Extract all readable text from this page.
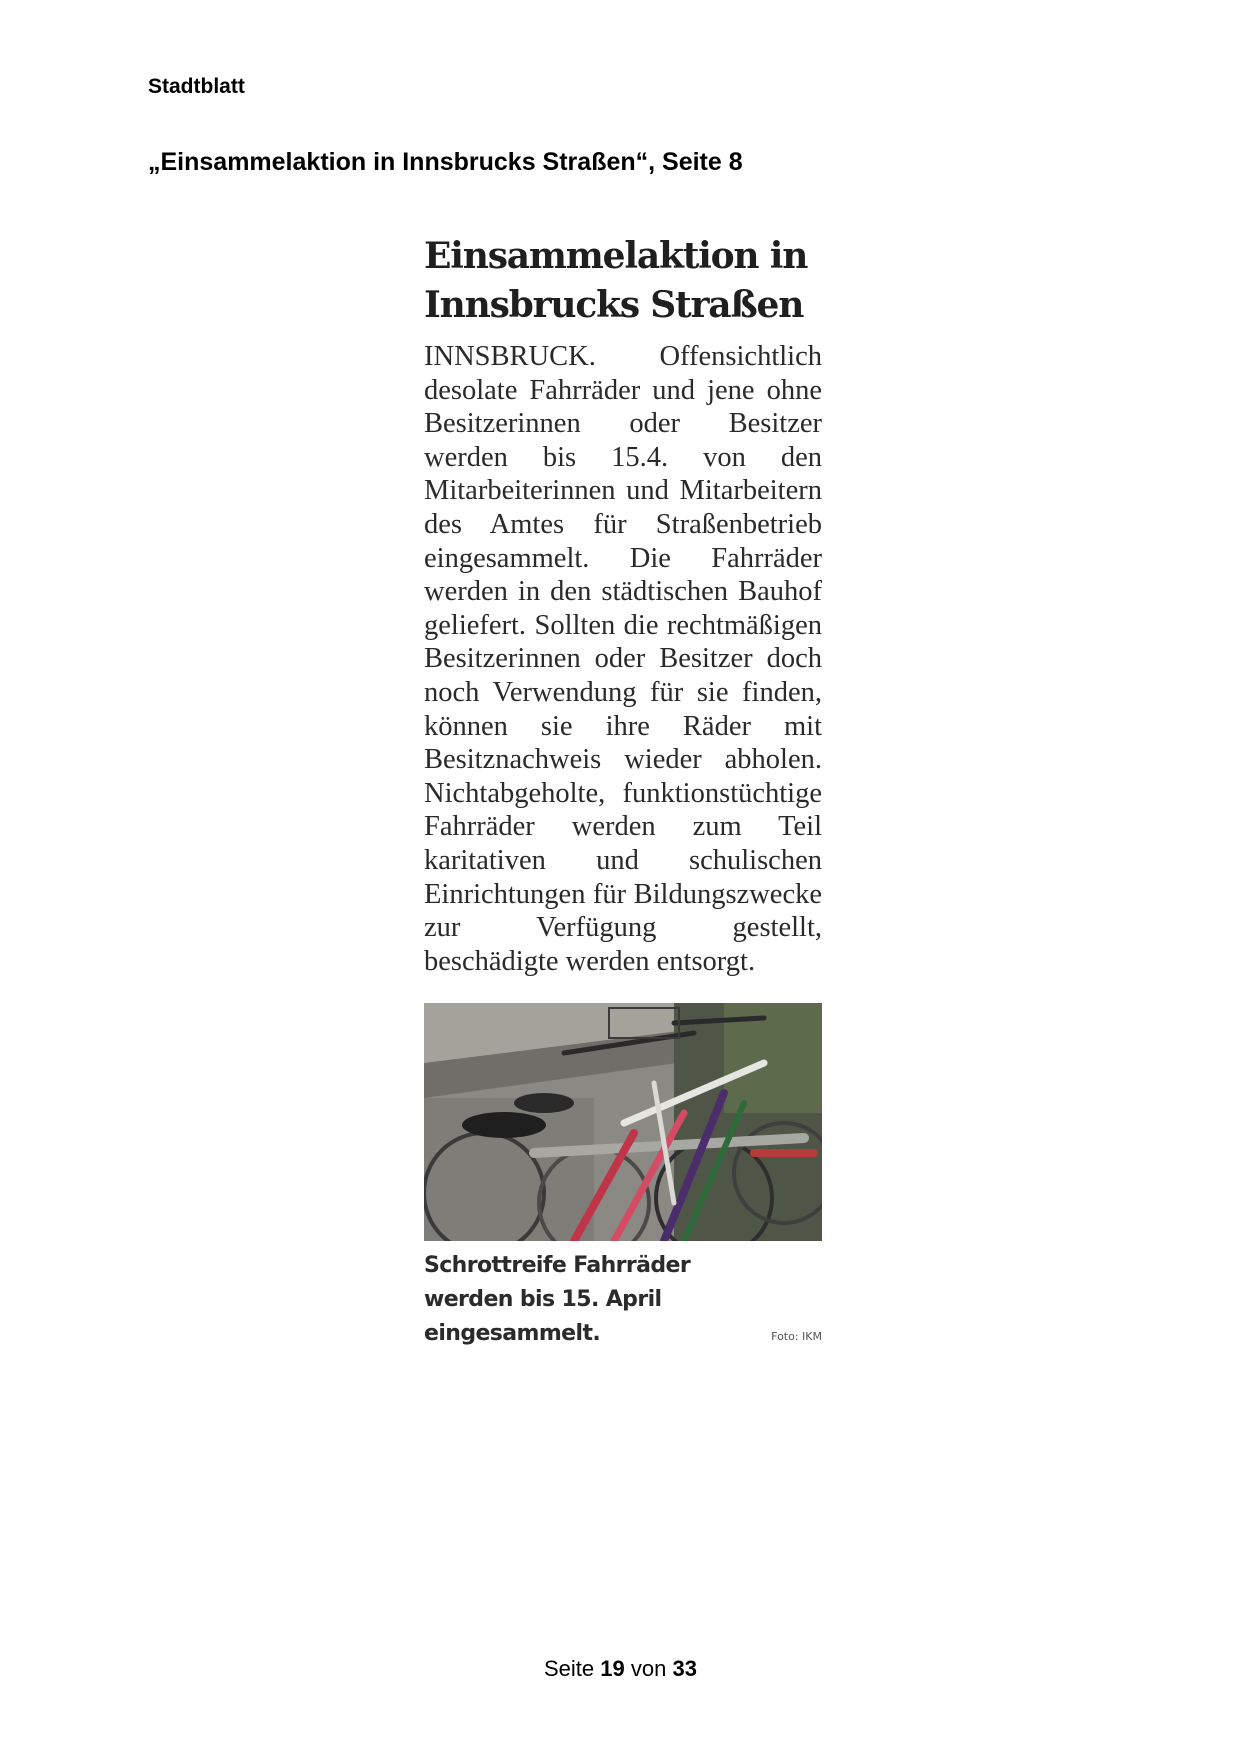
Stadtblatt
„Einsammelaktion in Innsbrucks Straßen“, Seite 8
Einsammelaktion in
Innsbrucks Straßen
INNSBRUCK. Offensichtlich desolate Fahrräder und jene ohne Besitzerinnen oder Besitzer werden bis 15.4. von den Mitarbeiterinnen und Mitarbeitern des Amtes für Straßenbetrieb eingesammelt. Die Fahrräder werden in den städtischen Bauhof geliefert. Sollten die rechtmäßigen Besitzerinnen oder Besitzer doch noch Verwendung für sie finden, können sie ihre Räder mit Besitznachweis wieder abholen. Nichtabgeholte, funktionstüchtige Fahrräder werden zum Teil karitativen und schulischen Einrichtungen für Bildungszwecke zur Verfügung gestellt, beschädigte werden entsorgt.
Schrottreife Fahrräder werden bis 15. April eingesammelt.	Foto: IKM
Seite 19 von 33
